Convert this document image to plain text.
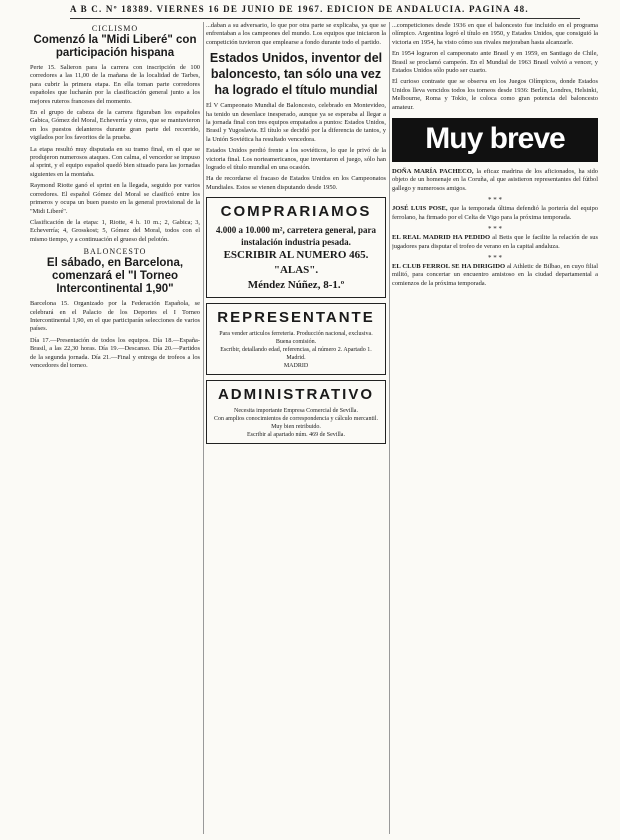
A B C. Nº 18389. VIERNES 16 DE JUNIO DE 1967. EDICION DE ANDALUCIA. PAGINA 48.
CICLISMO
Comenzó la "Midi Liberé" con participación hispana

Perte 15. Salieron para la carrera con inscripción de 100 corredores a las 11,00 de la mañana de la localidad de Tarbes, para cubrir la primera etapa. En ella toman parte corredores españoles que lucharán por la clasificación general junto a los mejores ruteros franceses del momento.

En el grupo de cabeza de la carrera figuraban los españoles Gabica, Gómez del Moral, Echeverría y otros, que se mantuvieron en los puestos delanteros durante gran parte del recorrido, vigilados por los favoritos de la prueba.

La etapa resultó muy disputada en su tramo final, en el que se produjeron numerosos ataques. Con calma, el vencedor se impuso al sprint, y el equipo español quedó bien situado para las jornadas siguientes en la montaña.

Raymond Riotte ganó el sprint en la llegada, seguido por varios corredores. El español Gómez del Moral se clasificó entre los primeros y ocupa un buen puesto en la general provisional de la "Midi Liberé".

Clasificación de la etapa: 1, Riotte, 4 h. 10 m.; 2, Gabica; 3, Echeverría; 4, Grosskost; 5, Gómez del Moral, todos con el mismo tiempo, y a continuación el grueso del pelotón.

BALONCESTO
El sábado, en Barcelona, comenzará el "I Torneo Intercontinental 1,90"

Barcelona 15. Organizado por la Federación Española, se celebrará en el Palacio de los Deportes el I Torneo Intercontinental 1,90, en el que participarán selecciones de varios países.

Día 17.—Presentación de todos los equipos. Día 18.—España-Brasil, a las 22,30 horas. Día 19.—Descanso. Día 20.—Partidos de la segunda jornada. Día 21.—Final y entrega de trofeos a los vencedores del torneo.

...daban a su adversario, lo que por otra parte se explicaba, ya que se enfrentaban a los campeones del mundo. Los equipos que iniciaron la competición tuvieron que emplearse a fondo durante todo el partido.

Estados Unidos, inventor del baloncesto, tan sólo una vez ha logrado el título mundial

El V Campeonato Mundial de Baloncesto, celebrado en Montevideo, ha tenido un desenlace inesperado, aunque ya se esperaba al llegar a la jornada final con tres equipos empatados a puntos: Estados Unidos, Brasil y Yugoslavia. El título se decidió por la diferencia de tantos, y la Unión Soviética ha resultado vencedora.

Estados Unidos perdió frente a los soviéticos, lo que le privó de la victoria final. Los norteamericanos, que inventaron el juego, sólo han logrado el título mundial en una ocasión.

Ha de recordarse el fracaso de Estados Unidos en los Campeonatos Mundiales. Estos se vienen disputando desde 1950.

COMPRARIAMOS
4.000 a 10.000 m², carretera general, para instalación industria pesada.
ESCRIBIR AL NUMERO 465. "ALAS".
Méndez Núñez, 8-1.º
REPRESENTANTE
Para vender articulos ferreteria. Producción nacional, exclusiva. Buena comisión.
Escribir, detallando edad, referencias, al número 2. Apartado 1. Madrid.
MADRID
ADMINISTRATIVO
Necesita importante Empresa Comercial de Sevilla.
Con amplios conocimientos de correspondencia y cálculo mercantil.
Muy bien retribuido.
Escribir al apartado núm. 469 de Sevilla.

...competiciones desde 1936 en que el baloncesto fue incluido en el programa olímpico. Argentina logró el título en 1950, y Estados Unidos, que consiguió la victoria en 1954, ha visto cómo sus rivales mejoraban hasta alcanzarle.

En 1954 lograron el campeonato ante Brasil y en 1959, en Santiago de Chile, Brasil se proclamó campeón. En el Mundial de 1963 Brasil volvió a vencer, y Estados Unidos sólo pudo ser cuarto.

El curioso contraste que se observa en los Juegos Olímpicos, donde Estados Unidos lleva vencidos todos los torneos desde 1936: Berlín, Londres, Helsinki, Melbourne, Roma y Tokio, le coloca como gran potencia del baloncesto amateur.

Muy breve

DOÑA MARÍA PACHECO, la eficaz madrina de los aficionados, ha sido objeto de un homenaje en la Coruña, al que asistieron representantes del fútbol gallego y numerosos amigos.

* * *

JOSÉ LUIS POSE, que la temporada última defendió la portería del equipo ferrolano, ha firmado por el Celta de Vigo para la próxima temporada.

* * *

EL REAL MADRID HA PEDIDO al Betis que le facilite la relación de sus jugadores para disputar el trofeo de verano en la capital andaluza.

* * *

EL CLUB FERROL SE HA DIRIGIDO al Athletic de Bilbao, en cuyo filial militó, para concertar un encuentro amistoso en la ciudad departamental a comienzos de la próxima temporada.
